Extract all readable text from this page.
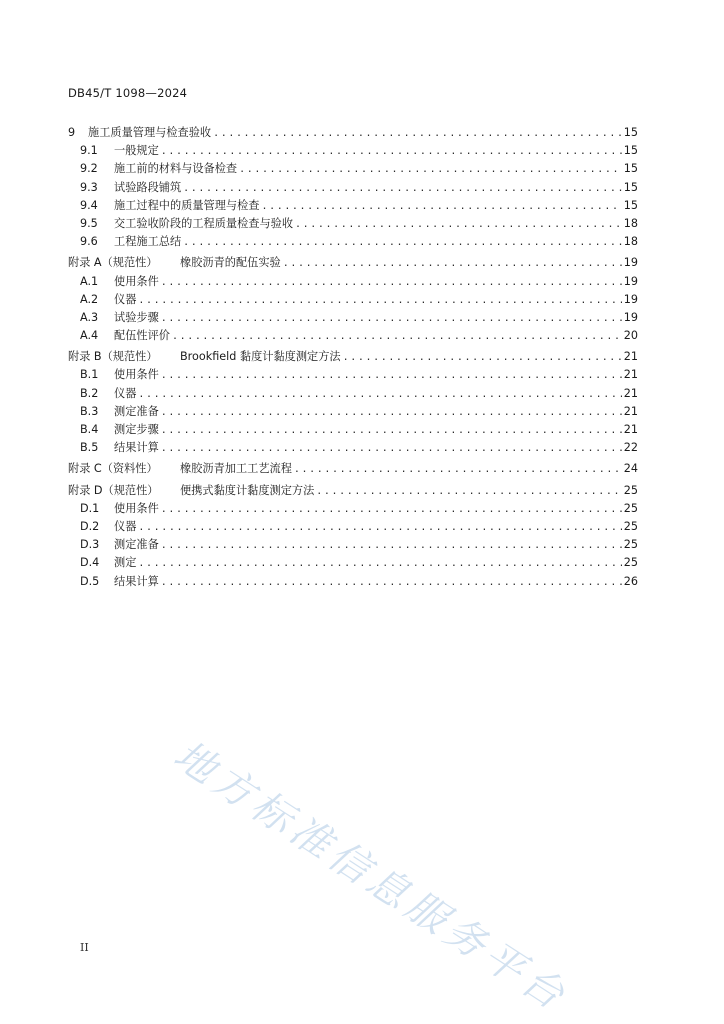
DB45/T 1098—2024
9	施工质量管理与检查验收 .....	15
9.1	一般规定 .....	15
9.2	施工前的材料与设备检查 .....	15
9.3	试验路段铺筑 .....	15
9.4	施工过程中的质量管理与检查 .....	15
9.5	交工验收阶段的工程质量检查与验收 .....	18
9.6	工程施工总结 .....	18
附录 A（规范性）	橡胶沥青的配伍实验 .....	19
A.1	使用条件 .....	19
A.2	仪器 .....	19
A.3	试验步骤 .....	19
A.4	配伍性评价 .....	20
附录 B（规范性）	Brookfield 黏度计黏度测定方法 .....	21
B.1	使用条件 .....	21
B.2	仪器 .....	21
B.3	测定准备 .....	21
B.4	测定步骤 .....	21
B.5	结果计算 .....	22
附录 C（资料性）	橡胶沥青加工工艺流程 .....	24
附录 D（规范性）	便携式黏度计黏度测定方法 .....	25
D.1	使用条件 .....	25
D.2	仪器 .....	25
D.3	测定准备 .....	25
D.4	测定 .....	25
D.5	结果计算 .....	26
地方标准信息服务平台
II
